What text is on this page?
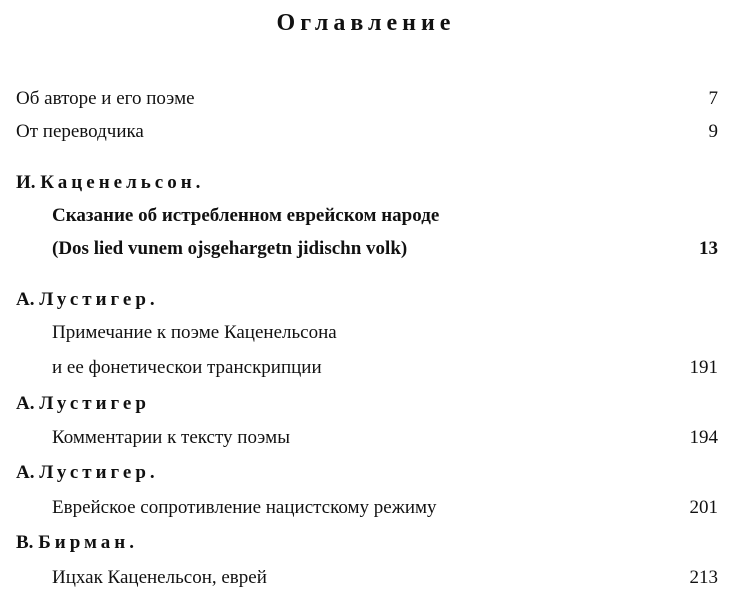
Оглавление
Об авторе и его поэме	7
От переводчика	9
И. Каценельсон.
Сказание об истребленном еврейском народе
(Dos lied vunem ojsgehargetn jidischn volk)	13
А. Лустигер.
Примечание к поэме Каценельсона
и ее фонетическои транскрипции	191
А. Лустигер
Комментарии к тексту поэмы	194
А. Лустигер.
Еврейское сопротивление нацистскому режиму	201
В. Бирман.
Ицхак Каценельсон, еврей	213
